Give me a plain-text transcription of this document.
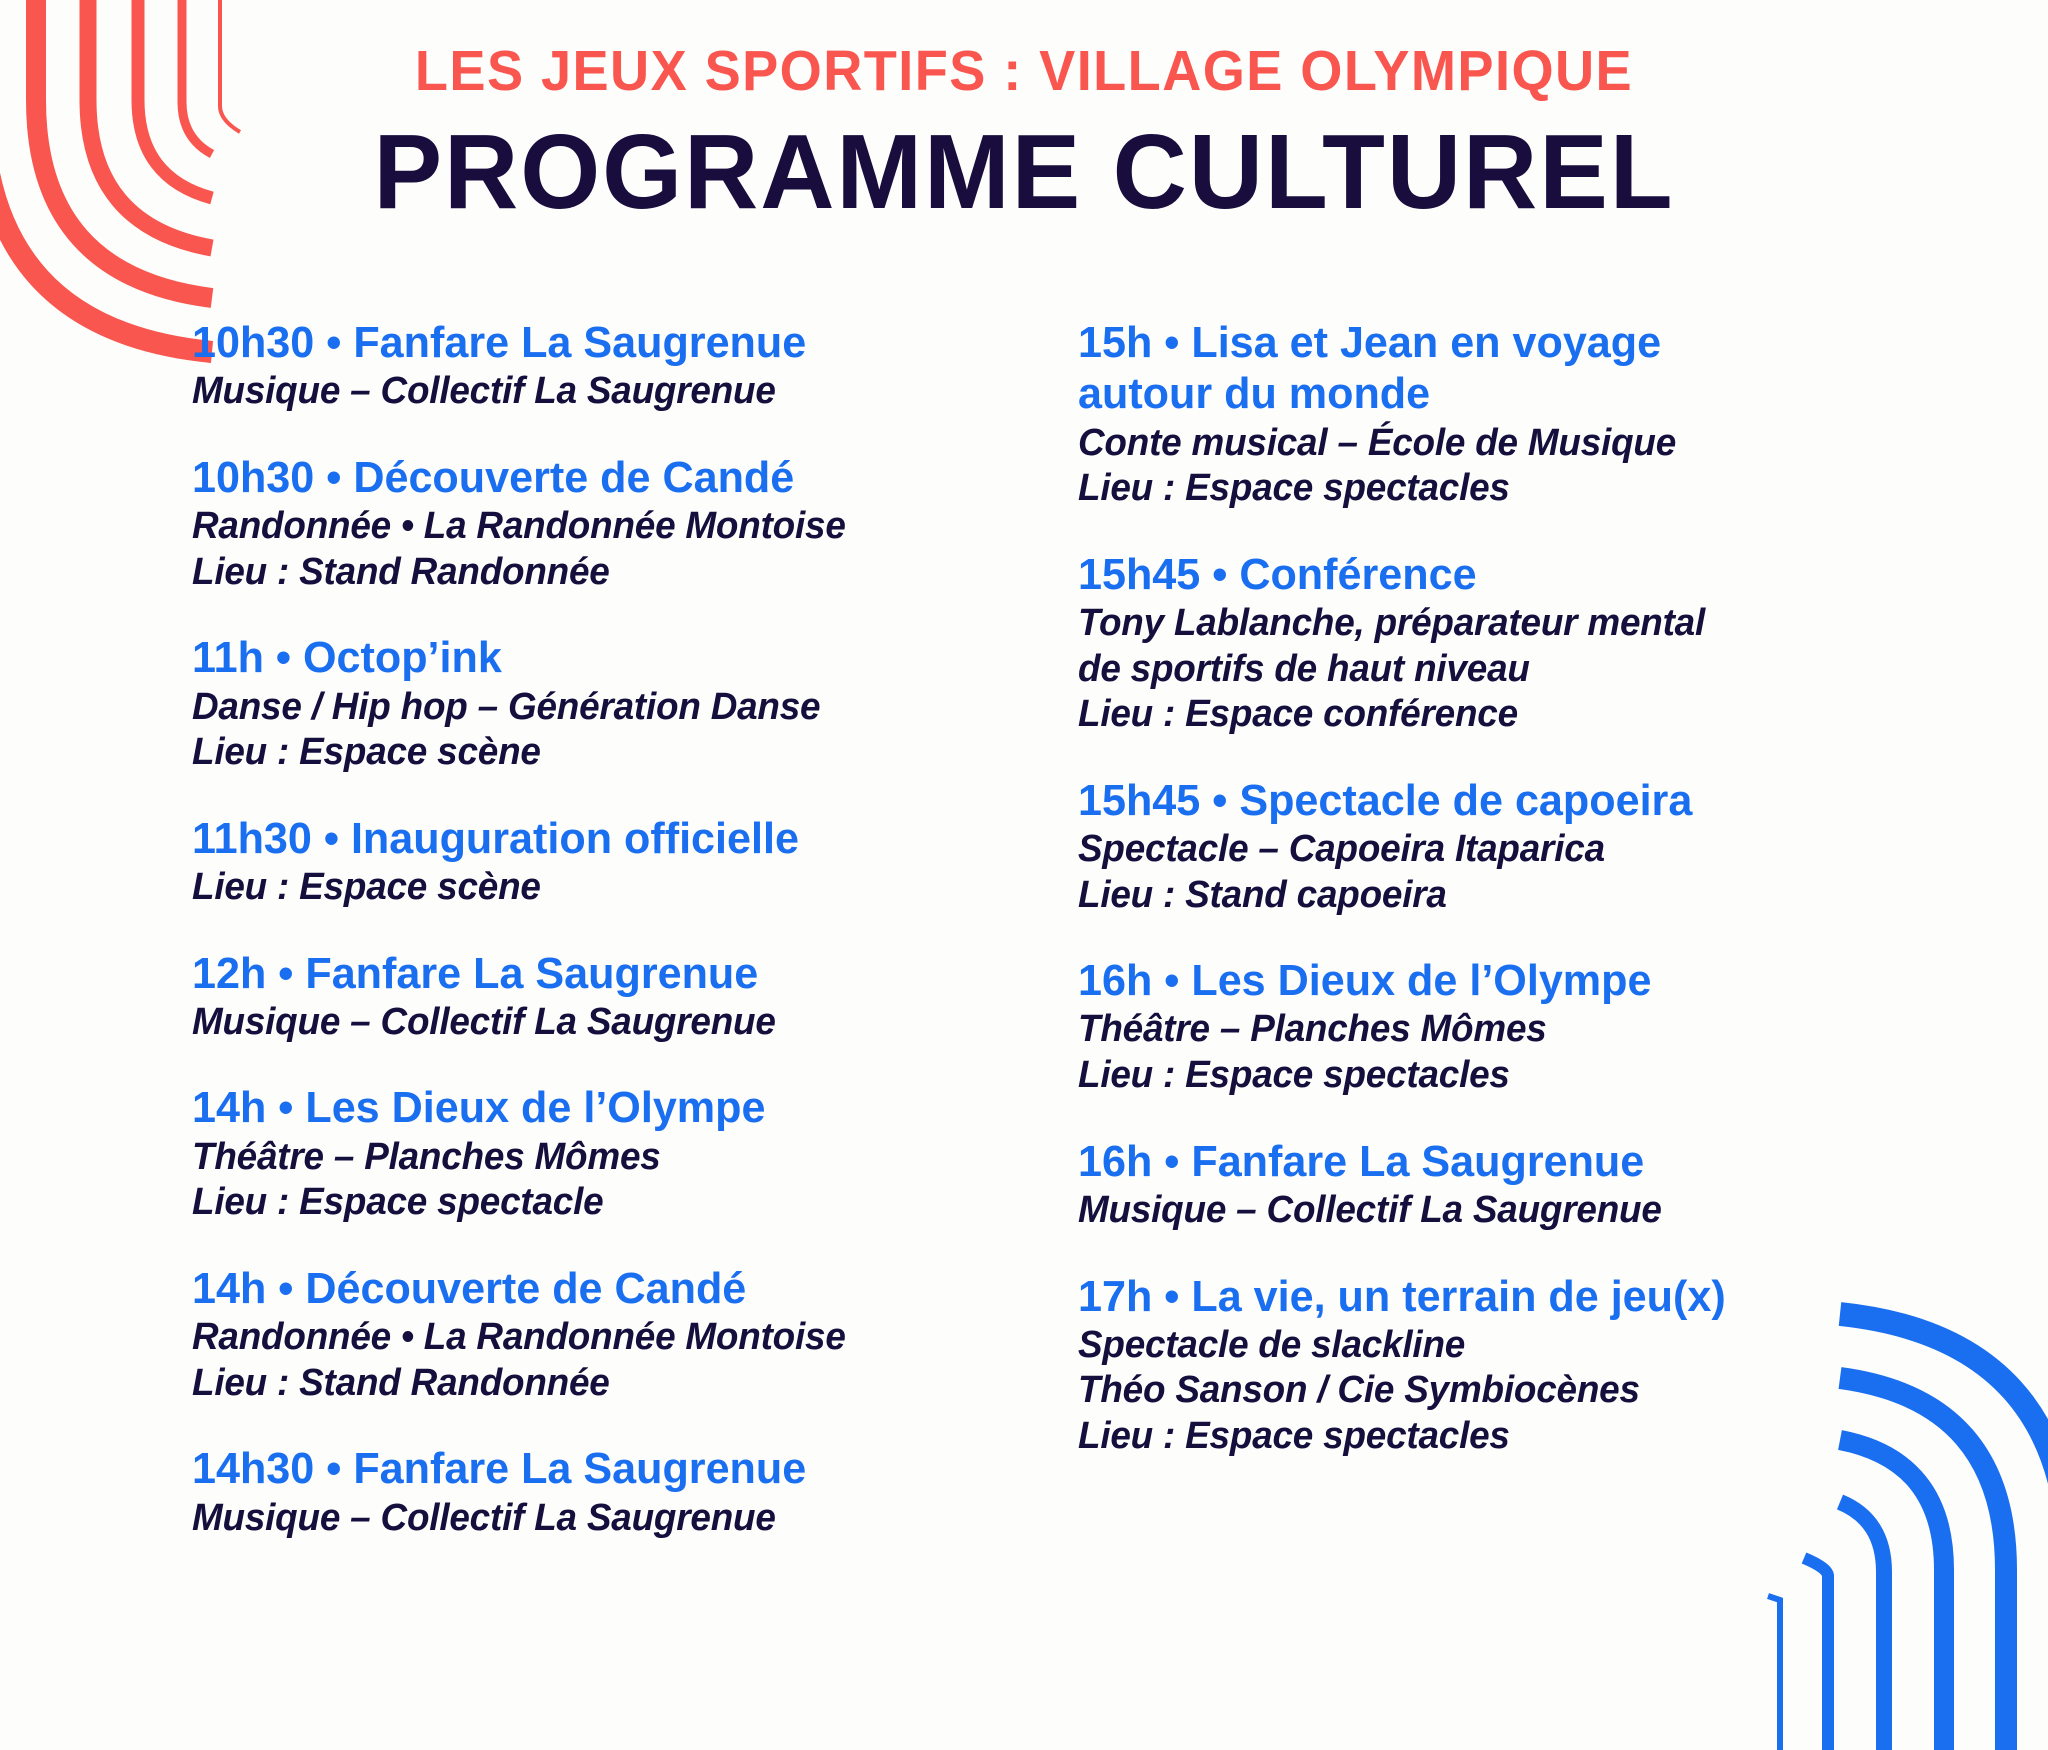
LES JEUX SPORTIFS : VILLAGE OLYMPIQUE
PROGRAMME CULTUREL
10h30 • Fanfare La Saugrenue
Musique – Collectif La Saugrenue
10h30 • Découverte de Candé
Randonnée • La Randonnée Montoise
Lieu : Stand Randonnée
11h • Octop’ink
Danse / Hip hop – Génération Danse
Lieu : Espace scène
11h30 • Inauguration officielle
Lieu : Espace scène
12h • Fanfare La Saugrenue
Musique – Collectif La Saugrenue
14h • Les Dieux de l’Olympe
Théâtre – Planches Mômes
Lieu : Espace spectacle
14h • Découverte de Candé
Randonnée • La Randonnée Montoise
Lieu : Stand Randonnée
14h30 • Fanfare La Saugrenue
Musique – Collectif La Saugrenue
15h • Lisa et Jean en voyage
autour du monde
Conte musical – École de Musique
Lieu : Espace spectacles
15h45 • Conférence
Tony Lablanche, préparateur mental
de sportifs de haut niveau
Lieu : Espace conférence
15h45 • Spectacle de capoeira
Spectacle – Capoeira Itaparica
Lieu : Stand capoeira
16h • Les Dieux de l’Olympe
Théâtre – Planches Mômes
Lieu : Espace spectacles
16h • Fanfare La Saugrenue
Musique – Collectif La Saugrenue
17h • La vie, un terrain de jeu(x)
Spectacle de slackline
Théo Sanson / Cie Symbiocènes
Lieu : Espace spectacles
